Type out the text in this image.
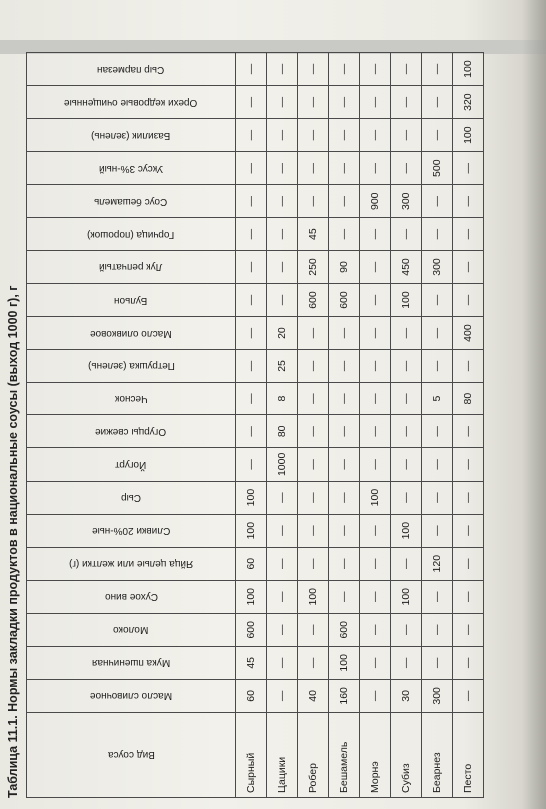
Таблица 11.1. Нормы закладки продуктов в национальные соусы (выход 1000 г), г	Вид соуса	Масло сливочное	Мука пшеничная	Молоко	Сухое вино	Яйца целые или желтки (г)	Сливки 20%-ные	Сыр	Йогурт	Огурцы свежие	Чеснок	Петрушка (зелень)	Масло оливковое	Бульон	Лук репчатый	Горчица (порошок)	Соус бешамель	Уксус 3%-ный	Базилик (зелень)	Орехи кедровые очищенные	Сыр пармезан

Сырный	60	45	600	100	60	100	100	—	—	—	—	—	—	—	—	—	—	—	—	—
Цацики	—	—	—	—	—	—	—	1000	80	8	25	20	—	—	—	—	—	—	—	—
Робер	40	—	—	100	—	—	—	—	—	—	—	—	600	250	45	—	—	—	—	—
Бешамель	160	100	600	—	—	—	—	—	—	—	—	—	600	90	—	—	—	—	—	—
Морнэ	—	—	—	—	—	—	100	—	—	—	—	—	—	—	—	900	—	—	—	—
Субиз	30	—	—	100	—	100	—	—	—	—	—	—	100	450	—	300	—	—	—	—
Беарнез	300	—	—	—	120	—	—	—	—	5	—	—	—	300	—	—	500	—	—	—
Песто	—	—	—	—	—	—	—	—	—	80	—	400	—	—	—	—	—	100	320	100
